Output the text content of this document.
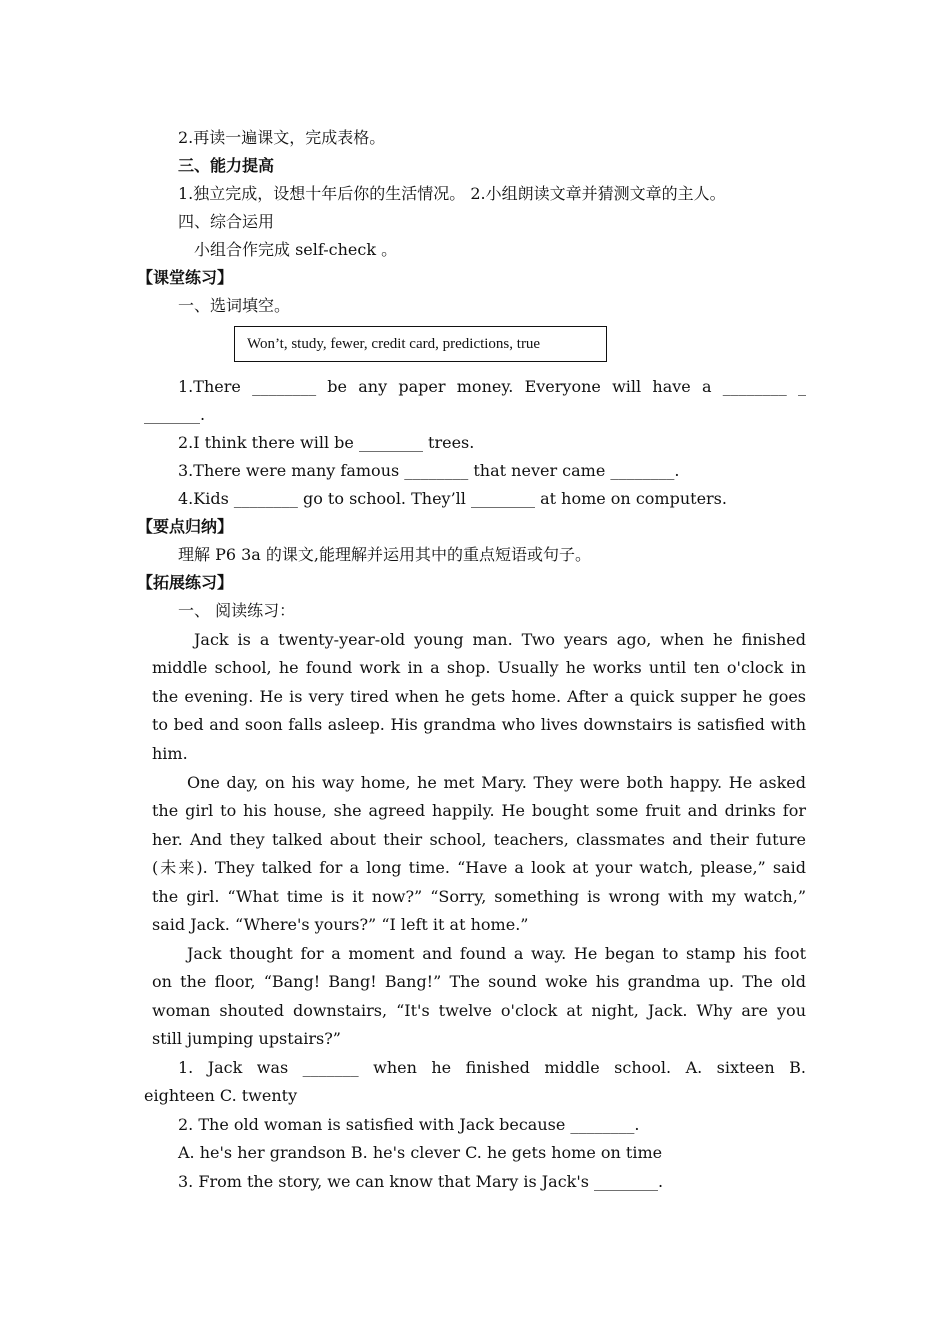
2.再读一遍课文，完成表格。

三、能力提高

1.独立完成，设想十年后你的生活情况。 2.小组朗读文章并猜测文章的主人。

四、综合运用

小组合作完成 self-check 。

【课堂练习】

一、选词填空。

Won’t, study, fewer, credit card, predictions, true

1.There ________ be any paper money. Everyone will have a ________ _

_______.

2.I think there will be ________ trees.

3.There were many famous ________ that never came ________.

4.Kids ________ go to school. They’ll ________ at home on computers.

【要点归纳】

理解 P6 3a 的课文,能理解并运用其中的重点短语或句子。

【拓展练习】

一、 阅读练习：

Jack is a twenty-year-old young man. Two years ago, when he finished

middle school, he found work in a shop. Usually he works until ten o'clock in

the evening. He is very tired when he gets home. After a quick supper he goes

to bed and soon falls asleep. His grandma who lives downstairs is satisfied with

him.

One day, on his way home, he met Mary. They were both happy. He asked

the girl to his house, she agreed happily. He bought some fruit and drinks for

her. And they talked about their school, teachers, classmates and their future

(未来). They talked for a long time. “Have a look at your watch, please,” said

the girl. “What time is it now?” “Sorry, something is wrong with my watch,”

said Jack. “Where's yours?” “I left it at home.”

Jack thought for a moment and found a way. He began to stamp his foot

on the floor, “Bang! Bang! Bang!” The sound woke his grandma up. The old

woman shouted downstairs, “It's twelve o'clock at night, Jack. Why are you

still jumping upstairs?”

1. Jack was _______ when he finished middle school. A. sixteen B.

eighteen C. twenty

2. The old woman is satisfied with Jack because ________.

A. he's her grandson B. he's clever C. he gets home on time

3. From the story, we can know that Mary is Jack's ________.
